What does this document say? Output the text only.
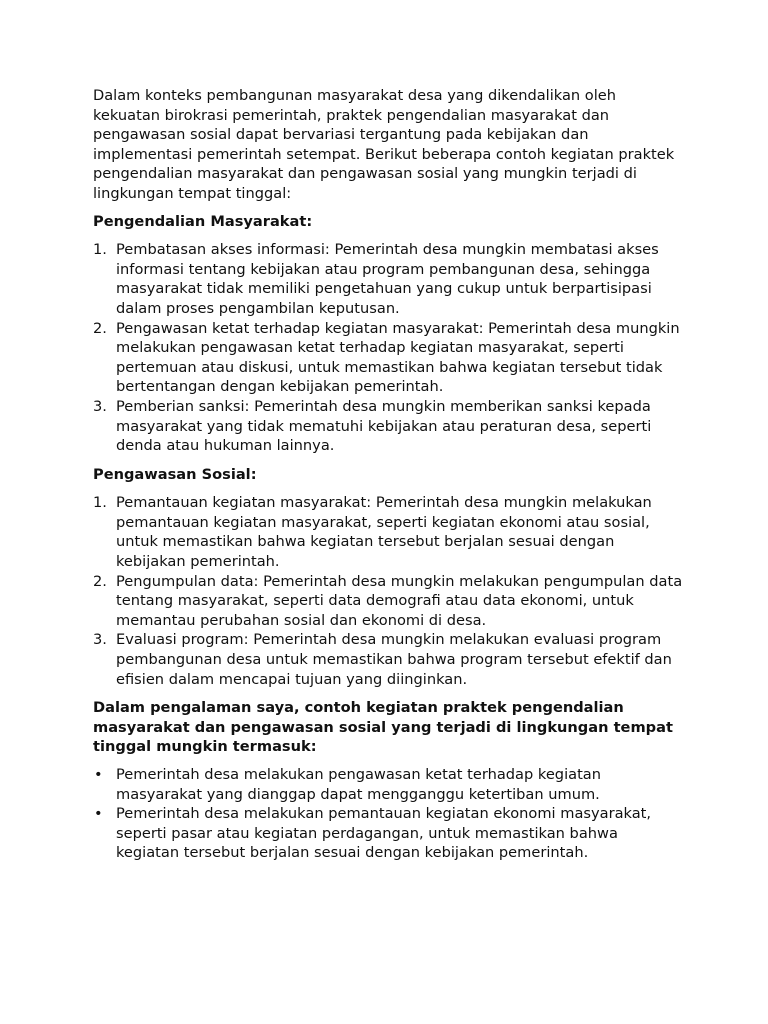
Dalam konteks pembangunan masyarakat desa yang dikendalikan oleh kekuatan birokrasi pemerintah, praktek pengendalian masyarakat dan pengawasan sosial dapat bervariasi tergantung pada kebijakan dan implementasi pemerintah setempat. Berikut beberapa contoh kegiatan praktek pengendalian masyarakat dan pengawasan sosial yang mungkin terjadi di lingkungan tempat tinggal:

Pengendalian Masyarakat:

1. Pembatasan akses informasi: Pemerintah desa mungkin membatasi akses informasi tentang kebijakan atau program pembangunan desa, sehingga masyarakat tidak memiliki pengetahuan yang cukup untuk berpartisipasi dalam proses pengambilan keputusan.
2. Pengawasan ketat terhadap kegiatan masyarakat: Pemerintah desa mungkin melakukan pengawasan ketat terhadap kegiatan masyarakat, seperti pertemuan atau diskusi, untuk memastikan bahwa kegiatan tersebut tidak bertentangan dengan kebijakan pemerintah.
3. Pemberian sanksi: Pemerintah desa mungkin memberikan sanksi kepada masyarakat yang tidak mematuhi kebijakan atau peraturan desa, seperti denda atau hukuman lainnya.

Pengawasan Sosial:

1. Pemantauan kegiatan masyarakat: Pemerintah desa mungkin melakukan pemantauan kegiatan masyarakat, seperti kegiatan ekonomi atau sosial, untuk memastikan bahwa kegiatan tersebut berjalan sesuai dengan kebijakan pemerintah.
2. Pengumpulan data: Pemerintah desa mungkin melakukan pengumpulan data tentang masyarakat, seperti data demografi atau data ekonomi, untuk memantau perubahan sosial dan ekonomi di desa.
3. Evaluasi program: Pemerintah desa mungkin melakukan evaluasi program pembangunan desa untuk memastikan bahwa program tersebut efektif dan efisien dalam mencapai tujuan yang diinginkan.

Dalam pengalaman saya, contoh kegiatan praktek pengendalian masyarakat dan pengawasan sosial yang terjadi di lingkungan tempat tinggal mungkin termasuk:

• Pemerintah desa melakukan pengawasan ketat terhadap kegiatan masyarakat yang dianggap dapat mengganggu ketertiban umum.
• Pemerintah desa melakukan pemantauan kegiatan ekonomi masyarakat, seperti pasar atau kegiatan perdagangan, untuk memastikan bahwa kegiatan tersebut berjalan sesuai dengan kebijakan pemerintah.
